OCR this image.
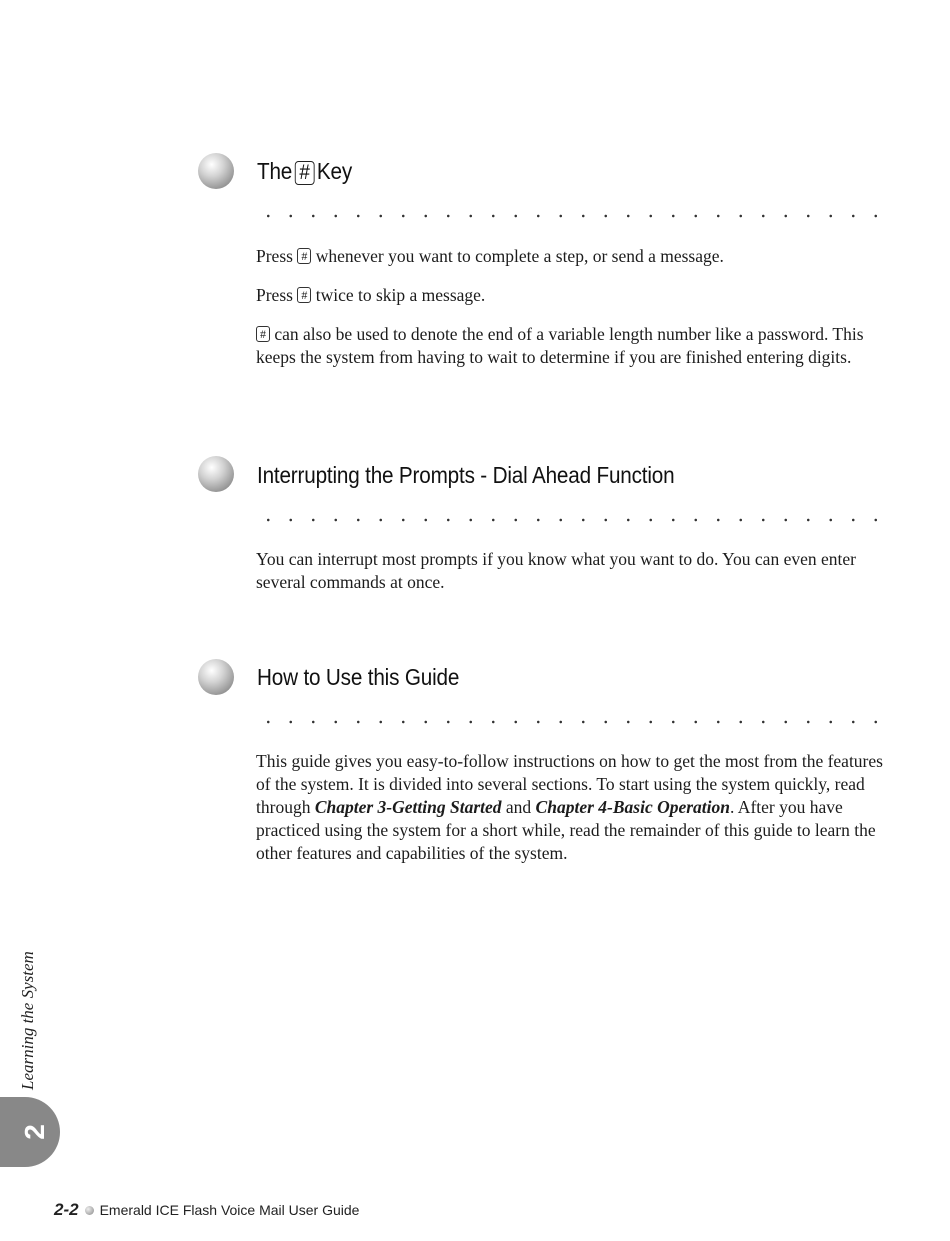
The # Key

Press # whenever you want to complete a step, or send a message.

Press # twice to skip a message.

# can also be used to denote the end of a variable length number like a password. This keeps the system from having to wait to determine if you are finished entering digits.

Interrupting the Prompts - Dial Ahead Function

You can interrupt most prompts if you know what you want to do. You can even enter several commands at once.

How to Use this Guide

This guide gives you easy-to-follow instructions on how to get the most from the features of the system. It is divided into several sections. To start using the system quickly, read through Chapter 3-Getting Started and Chapter 4-Basic Operation. After you have practiced using the system for a short while, read the remainder of this guide to learn the other features and capabilities of the system.

Learning the System
2
2-2 Emerald ICE Flash Voice Mail User Guide
